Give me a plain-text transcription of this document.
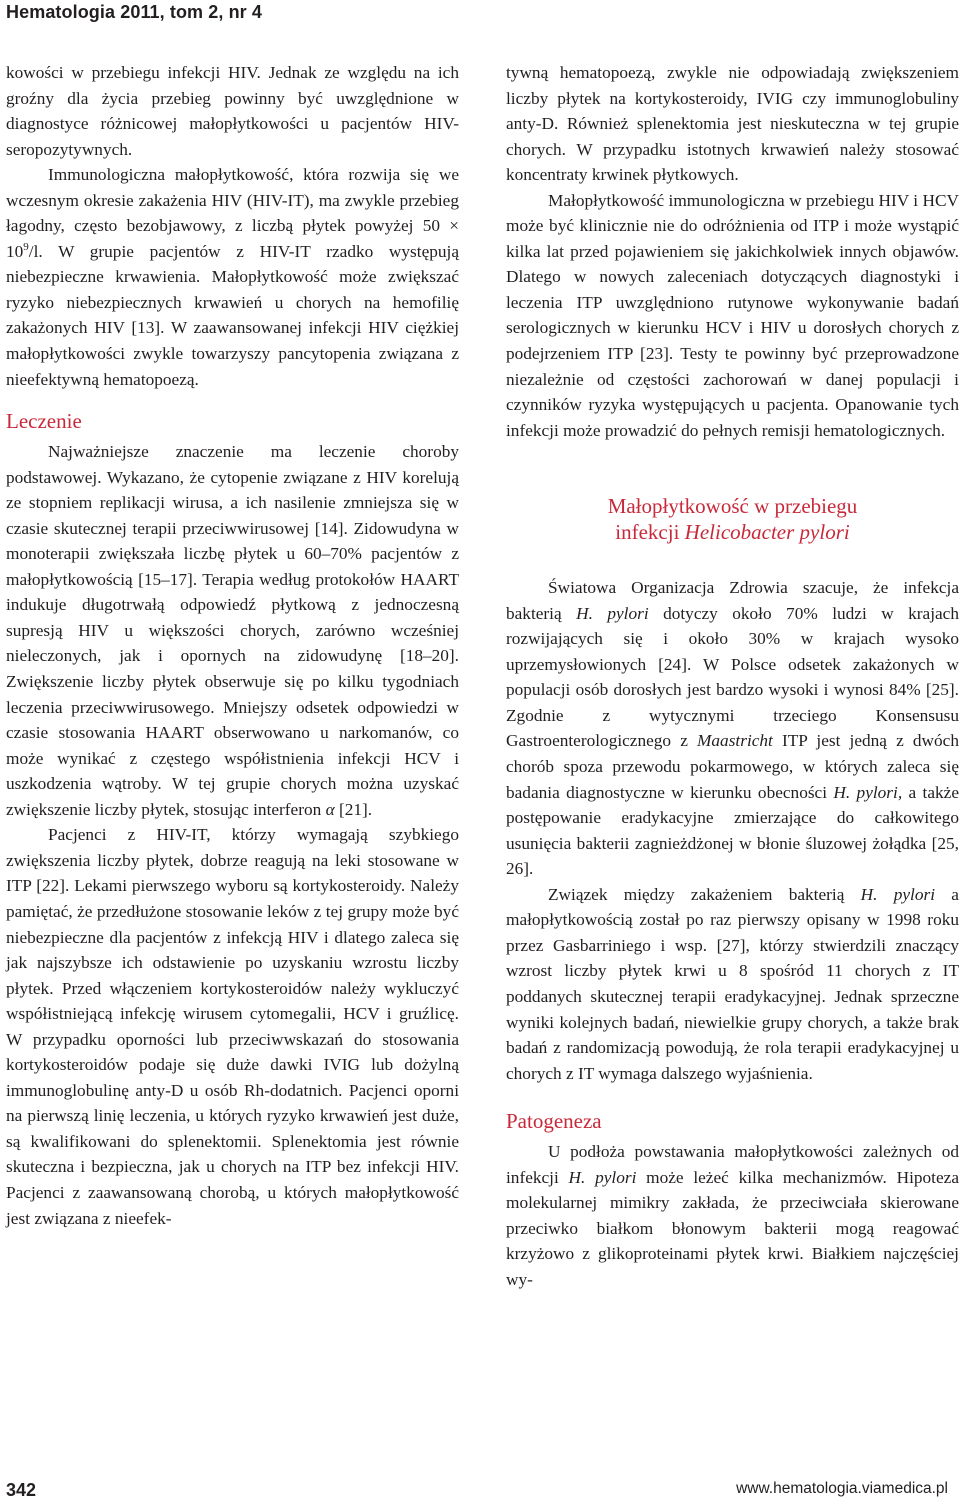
Hematologia 2011, tom 2, nr 4

kowości w przebiegu infekcji HIV. Jednak ze względu na ich groźny dla życia przebieg powinny być uwzględnione w diagnostyce różnicowej małopłytkowości u pacjentów HIV-seropozytywnych.

Immunologiczna małopłytkowość, która rozwija się we wczesnym okresie zakażenia HIV (HIV-IT), ma zwykle przebieg łagodny, często bezobjawowy, z liczbą płytek powyżej $50 \times 10^9/l$. W grupie pacjentów z HIV-IT rzadko występują niebezpieczne krwawienia. Małopłytkowość może zwiększać ryzyko niebezpiecznych krwawień u chorych na hemofilię zakażonych HIV [13]. W zaawansowanej infekcji HIV ciężkiej małopłytkowości zwykle towarzyszy pancytopenia związana z nieefektywną hematopoezą.

Leczenie

Najważniejsze znaczenie ma leczenie choroby podstawowej. Wykazano, że cytopenie związane z HIV korelują ze stopniem replikacji wirusa, a ich nasilenie zmniejsza się w czasie skutecznej terapii przeciwwirusowej [14]. Zidowudyna w monoterapii zwiększała liczbę płytek u 60–70% pacjentów z małopłytkowością [15–17]. Terapia według protokołów HAART indukuje długotrwałą odpowiedź płytkową z jednoczesną supresją HIV u większości chorych, zarówno wcześniej nieleczonych, jak i opornych na zidowudynę [18–20]. Zwiększenie liczby płytek obserwuje się po kilku tygodniach leczenia przeciwwirusowego. Mniejszy odsetek odpowiedzi w czasie stosowania HAART obserwowano u narkomanów, co może wynikać z częstego współistnienia infekcji HCV i uszkodzenia wątroby. W tej grupie chorych można uzyskać zwiększenie liczby płytek, stosując interferon α [21].

Pacjenci z HIV-IT, którzy wymagają szybkiego zwiększenia liczby płytek, dobrze reagują na leki stosowane w ITP [22]. Lekami pierwszego wyboru są kortykosteroidy. Należy pamiętać, że przedłużone stosowanie leków z tej grupy może być niebezpieczne dla pacjentów z infekcją HIV i dlatego zaleca się jak najszybsze ich odstawienie po uzyskaniu wzrostu liczby płytek. Przed włączeniem kortykosteroidów należy wykluczyć współistniejącą infekcję wirusem cytomegalii, HCV i gruźlicę. W przypadku oporności lub przeciwwskazań do stosowania kortykosteroidów podaje się duże dawki IVIG lub dożylną immunoglobulinę anty-D u osób Rh-dodatnich. Pacjenci oporni na pierwszą linię leczenia, u których ryzyko krwawień jest duże, są kwalifikowani do splenektomii. Splenektomia jest równie skuteczna i bezpieczna, jak u chorych na ITP bez infekcji HIV. Pacjenci z zaawansowaną chorobą, u których małopłytkowość jest związana z nieefek-

tywną hematopoezą, zwykle nie odpowiadają zwiększeniem liczby płytek na kortykosteroidy, IVIG czy immunoglobuliny anty-D. Również splenektomia jest nieskuteczna w tej grupie chorych. W przypadku istotnych krwawień należy stosować koncentraty krwinek płytkowych.

Małopłytkowość immunologiczna w przebiegu HIV i HCV może być klinicznie nie do odróżnienia od ITP i może wystąpić kilka lat przed pojawieniem się jakichkolwiek innych objawów. Dlatego w nowych zaleceniach dotyczących diagnostyki i leczenia ITP uwzględniono rutynowe wykonywanie badań serologicznych w kierunku HCV i HIV u dorosłych chorych z podejrzeniem ITP [23]. Testy te powinny być przeprowadzone niezależnie od częstości zachorowań w danej populacji i czynników ryzyka występujących u pacjenta. Opanowanie tych infekcji może prowadzić do pełnych remisji hematologicznych.

Małopłytkowość w przebiegu
infekcji Helicobacter pylori

Światowa Organizacja Zdrowia szacuje, że infekcja bakterią H. pylori dotyczy około 70% ludzi w krajach rozwijających się i około 30% w krajach wysoko uprzemysłowionych [24]. W Polsce odsetek zakażonych w populacji osób dorosłych jest bardzo wysoki i wynosi 84% [25]. Zgodnie z wytycznymi trzeciego Konsensusu Gastroenterologicznego z Maastricht ITP jest jedną z dwóch chorób spoza przewodu pokarmowego, w których zaleca się badania diagnostyczne w kierunku obecności H. pylori, a także postępowanie eradykacyjne zmierzające do całkowitego usunięcia bakterii zagnieżdżonej w błonie śluzowej żołądka [25, 26].

Związek między zakażeniem bakterią H. pylori a małopłytkowością został po raz pierwszy opisany w 1998 roku przez Gasbarriniego i wsp. [27], którzy stwierdzili znaczący wzrost liczby płytek krwi u 8 spośród 11 chorych z IT poddanych skutecznej terapii eradykacyjnej. Jednak sprzeczne wyniki kolejnych badań, niewielkie grupy chorych, a także brak badań z randomizacją powodują, że rola terapii eradykacyjnej u chorych z IT wymaga dalszego wyjaśnienia.

Patogeneza

U podłoża powstawania małopłytkowości zależnych od infekcji H. pylori może leżeć kilka mechanizmów. Hipoteza molekularnej mimikry zakłada, że przeciwciała skierowane przeciwko białkom błonowym bakterii mogą reagować krzyżowo z glikoproteinami płytek krwi. Białkiem najczęściej wy-

342	www.hematologia.viamedica.pl
